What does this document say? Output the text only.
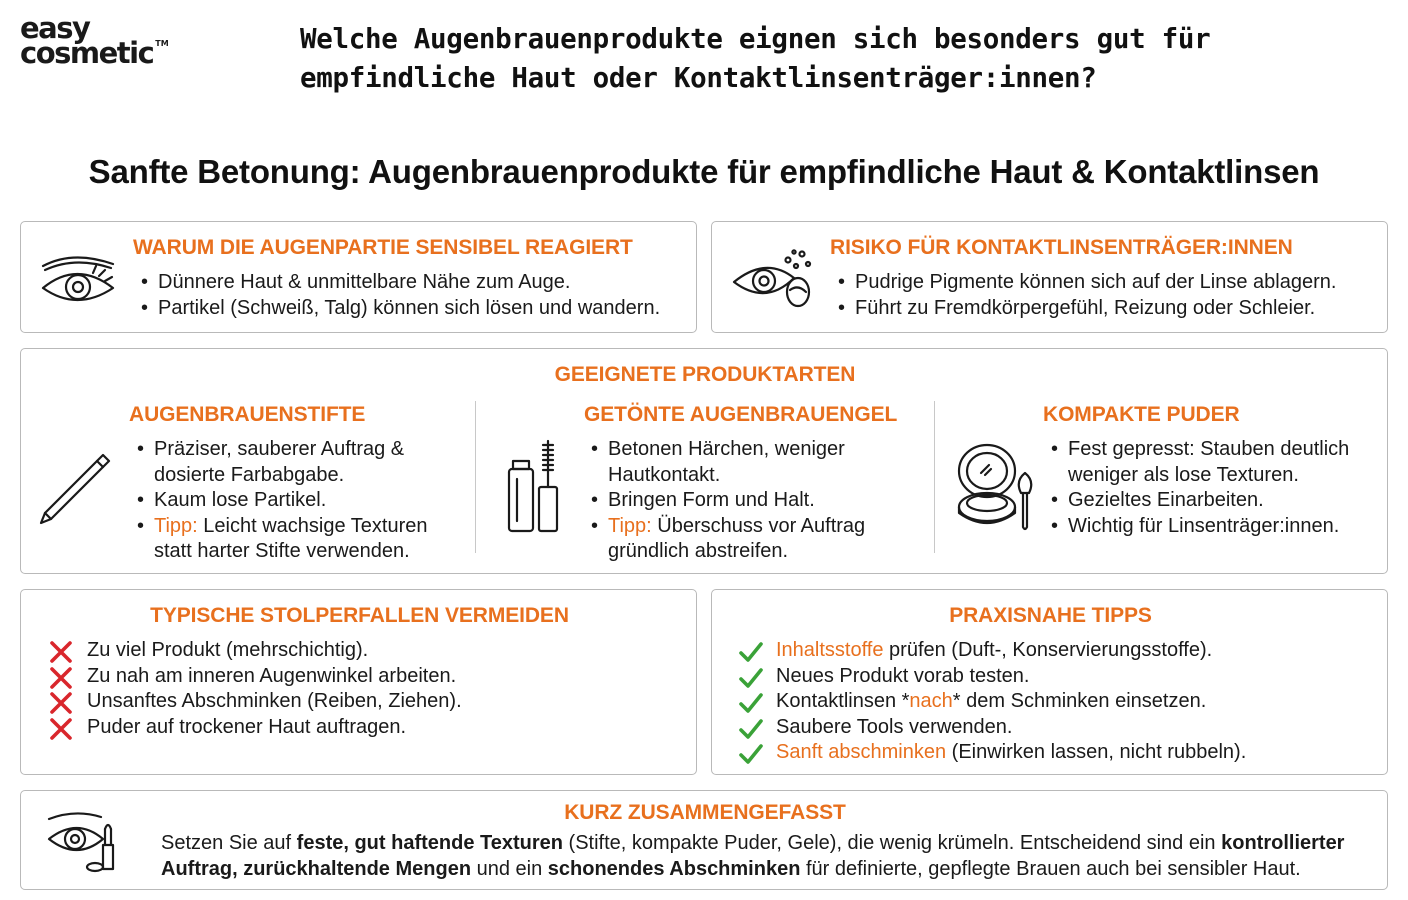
easy
cosmetic ™	Welche Augenbrauenprodukte eignen sich besonders gut für empfindliche Haut oder Kontaktlinsenträger:innen?
Sanfte Betonung: Augenbrauenprodukte für empfindliche Haut & Kontaktlinsen
WARUM DIE AUGENPARTIE SENSIBEL REAGIERT
• Dünnere Haut & unmittelbare Nähe zum Auge.
• Partikel (Schweiß, Talg) können sich lösen und wandern.
RISIKO FÜR KONTAKTLINSENTRÄGER:INNEN
• Pudrige Pigmente können sich auf der Linse ablagern.
• Führt zu Fremdkörpergefühl, Reizung oder Schleier.
GEEIGNETE PRODUKTARTEN
AUGENBRAUENSTIFTE
• Präziser, sauberer Auftrag &
dosierte Farbabgabe.
• Kaum lose Partikel.
• Tipp: Leicht wachsige Texturen
statt harter Stifte verwenden.
GETÖNTE AUGENBRAUENGEL
• Betonen Härchen, weniger
Hautkontakt.
• Bringen Form und Halt.
• Tipp: Überschuss vor Auftrag
gründlich abstreifen.
KOMPAKTE PUDER
• Fest gepresst: Stauben deutlich
weniger als lose Texturen.
• Gezieltes Einarbeiten.
• Wichtig für Linsenträger:innen.
TYPISCHE STOLPERFALLEN VERMEIDEN
Zu viel Produkt (mehrschichtig).
Zu nah am inneren Augenwinkel arbeiten.
Unsanftes Abschminken (Reiben, Ziehen).
Puder auf trockener Haut auftragen.
PRAXISNAHE TIPPS
Inhaltsstoffe prüfen (Duft-, Konservierungsstoffe).
Neues Produkt vorab testen.
Kontaktlinsen *nach* dem Schminken einsetzen.
Saubere Tools verwenden.
Sanft abschminken (Einwirken lassen, nicht rubbeln).
KURZ ZUSAMMENGEFASST
Setzen Sie auf feste, gut haftende Texturen (Stifte, kompakte Puder, Gele), die wenig krümeln. Entscheidend sind ein kontrollierter
Auftrag, zurückhaltende Mengen und ein schonendes Abschminken für definierte, gepflegte Brauen auch bei sensibler Haut.
